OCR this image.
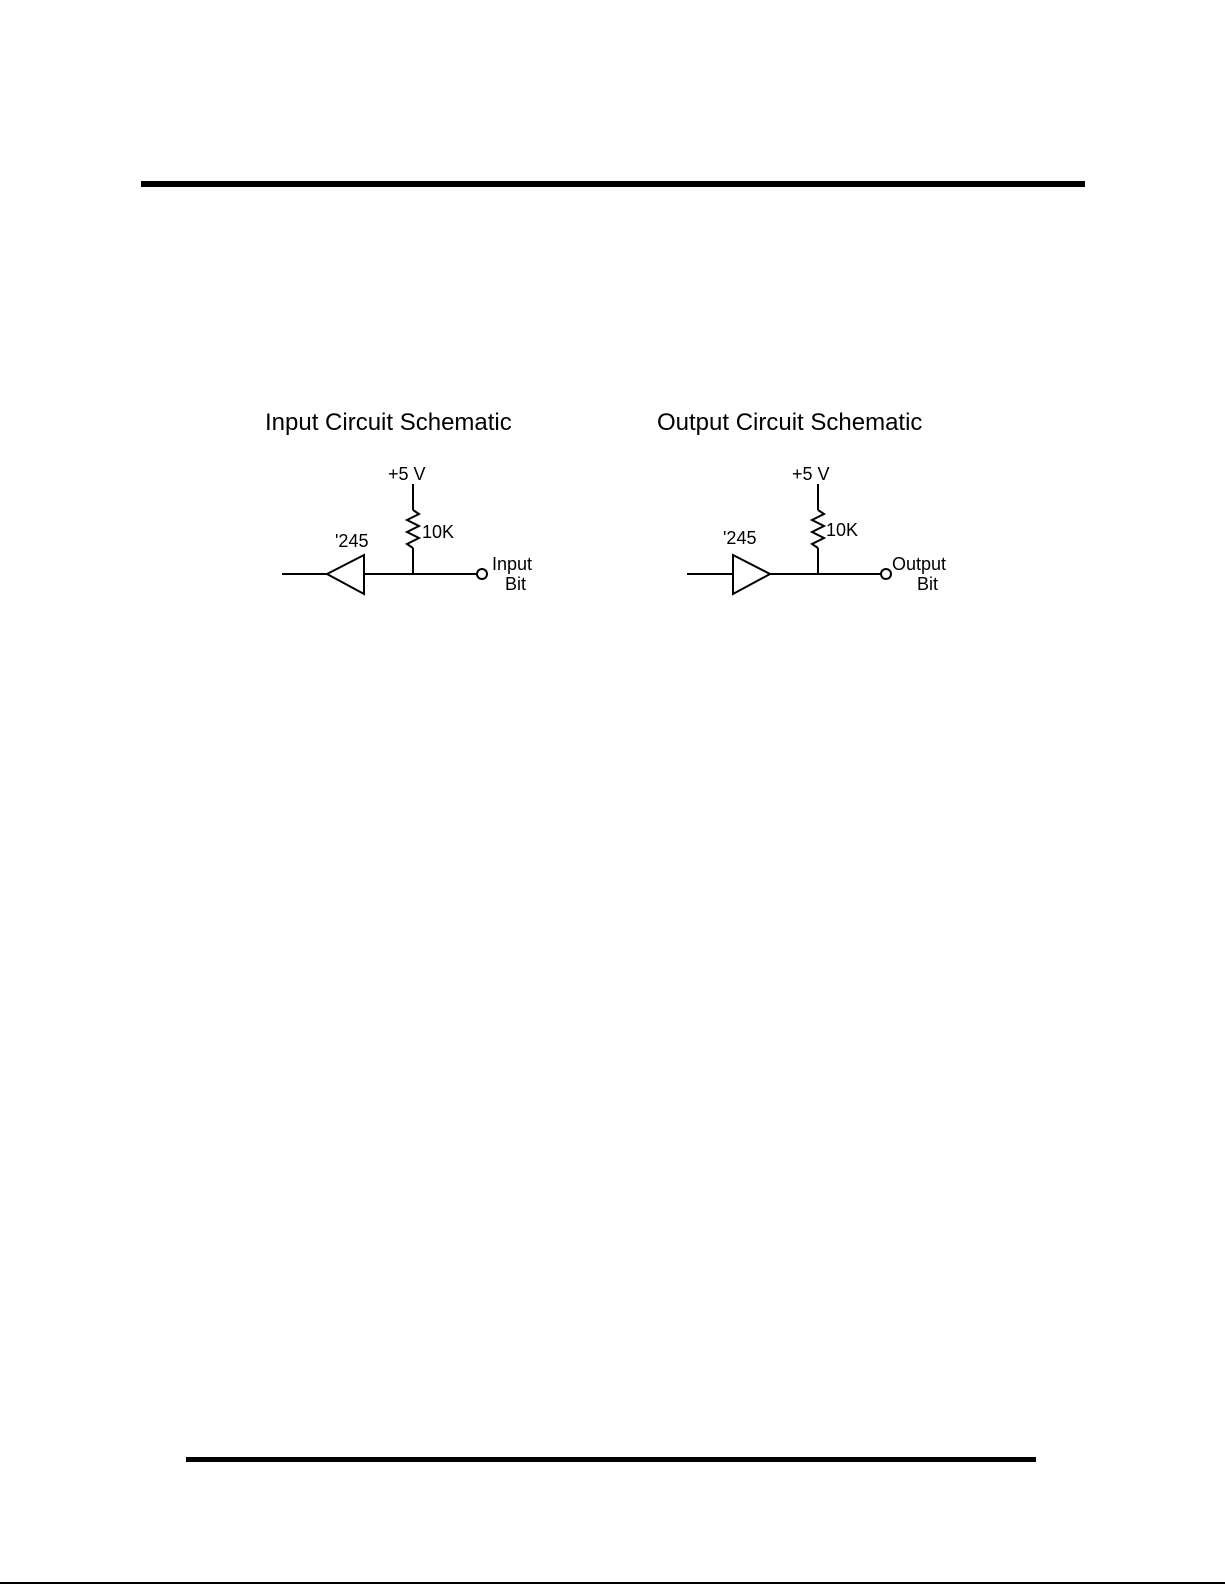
Input Circuit Schematic
+5 V
10K
'245
Input
Bit
Output Circuit Schematic
+5 V
10K
'245
Output
Bit
